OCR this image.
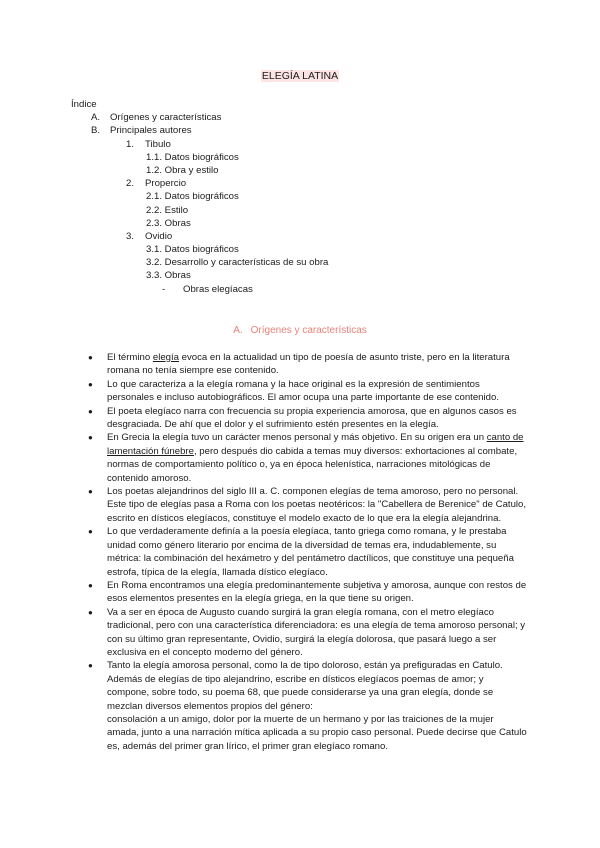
ELEGÍA LATINA
Índice
A. Orígenes y características
B. Principales autores
1. Tibulo
1.1. Datos biográficos
1.2. Obra y estilo
2. Propercio
2.1. Datos biográficos
2.2. Estilo
2.3. Obras
3. Ovidio
3.1. Datos biográficos
3.2. Desarrollo y características de su obra
3.3. Obras
- Obras elegíacas
A. Orígenes y características
● El término elegía evoca en la actualidad un tipo de poesía de asunto triste, pero en la literatura romana no tenía siempre ese contenido.
● Lo que caracteriza a la elegía romana y la hace original es la expresión de sentimientos personales e incluso autobiográficos. El amor ocupa una parte importante de ese contenido.
● El poeta elegíaco narra con frecuencia su propia experiencia amorosa, que en algunos casos es desgraciada. De ahí que el dolor y el sufrimiento estén presentes en la elegía.
● En Grecia la elegía tuvo un carácter menos personal y más objetivo. En su origen era un canto de lamentación fúnebre, pero después dio cabida a temas muy diversos: exhortaciones al combate, normas de comportamiento político o, ya en época helenística, narraciones mitológicas de contenido amoroso.
● Los poetas alejandrinos del siglo III a. C. componen elegías de tema amoroso, pero no personal. Este tipo de elegías pasa a Roma con los poetas neotéricos: la "Cabellera de Berenice" de Catulo, escrito en dísticos elegíacos, constituye el modelo exacto de lo que era la elegía alejandrina.
● Lo que verdaderamente definía a la poesía elegíaca, tanto griega como romana, y le prestaba unidad como género literario por encima de la diversidad de temas era, indudablemente, su métrica: la combinación del hexámetro y del pentámetro dactílicos, que constituye una pequeña estrofa, típica de la elegía, llamada dístico elegíaco.
● En Roma encontramos una elegía predominantemente subjetiva y amorosa, aunque con restos de esos elementos presentes en la elegía griega, en la que tiene su origen.
● Va a ser en época de Augusto cuando surgirá la gran elegía romana, con el metro elegíaco tradicional, pero con una característica diferenciadora: es una elegía de tema amoroso personal; y con su último gran representante, Ovidio, surgirá la elegía dolorosa, que pasará luego a ser exclusiva en el concepto moderno del género.
● Tanto la elegía amorosa personal, como la de tipo doloroso, están ya prefiguradas en Catulo. Además de elegías de tipo alejandrino, escribe en dísticos elegíacos poemas de amor; y compone, sobre todo, su poema 68, que puede considerarse ya una gran elegía, donde se mezclan diversos elementos propios del género:
consolación a un amigo, dolor por la muerte de un hermano y por las traiciones de la mujer amada, junto a una narración mítica aplicada a su propio caso personal. Puede decirse que Catulo es, además del primer gran lírico, el primer gran elegíaco romano.
